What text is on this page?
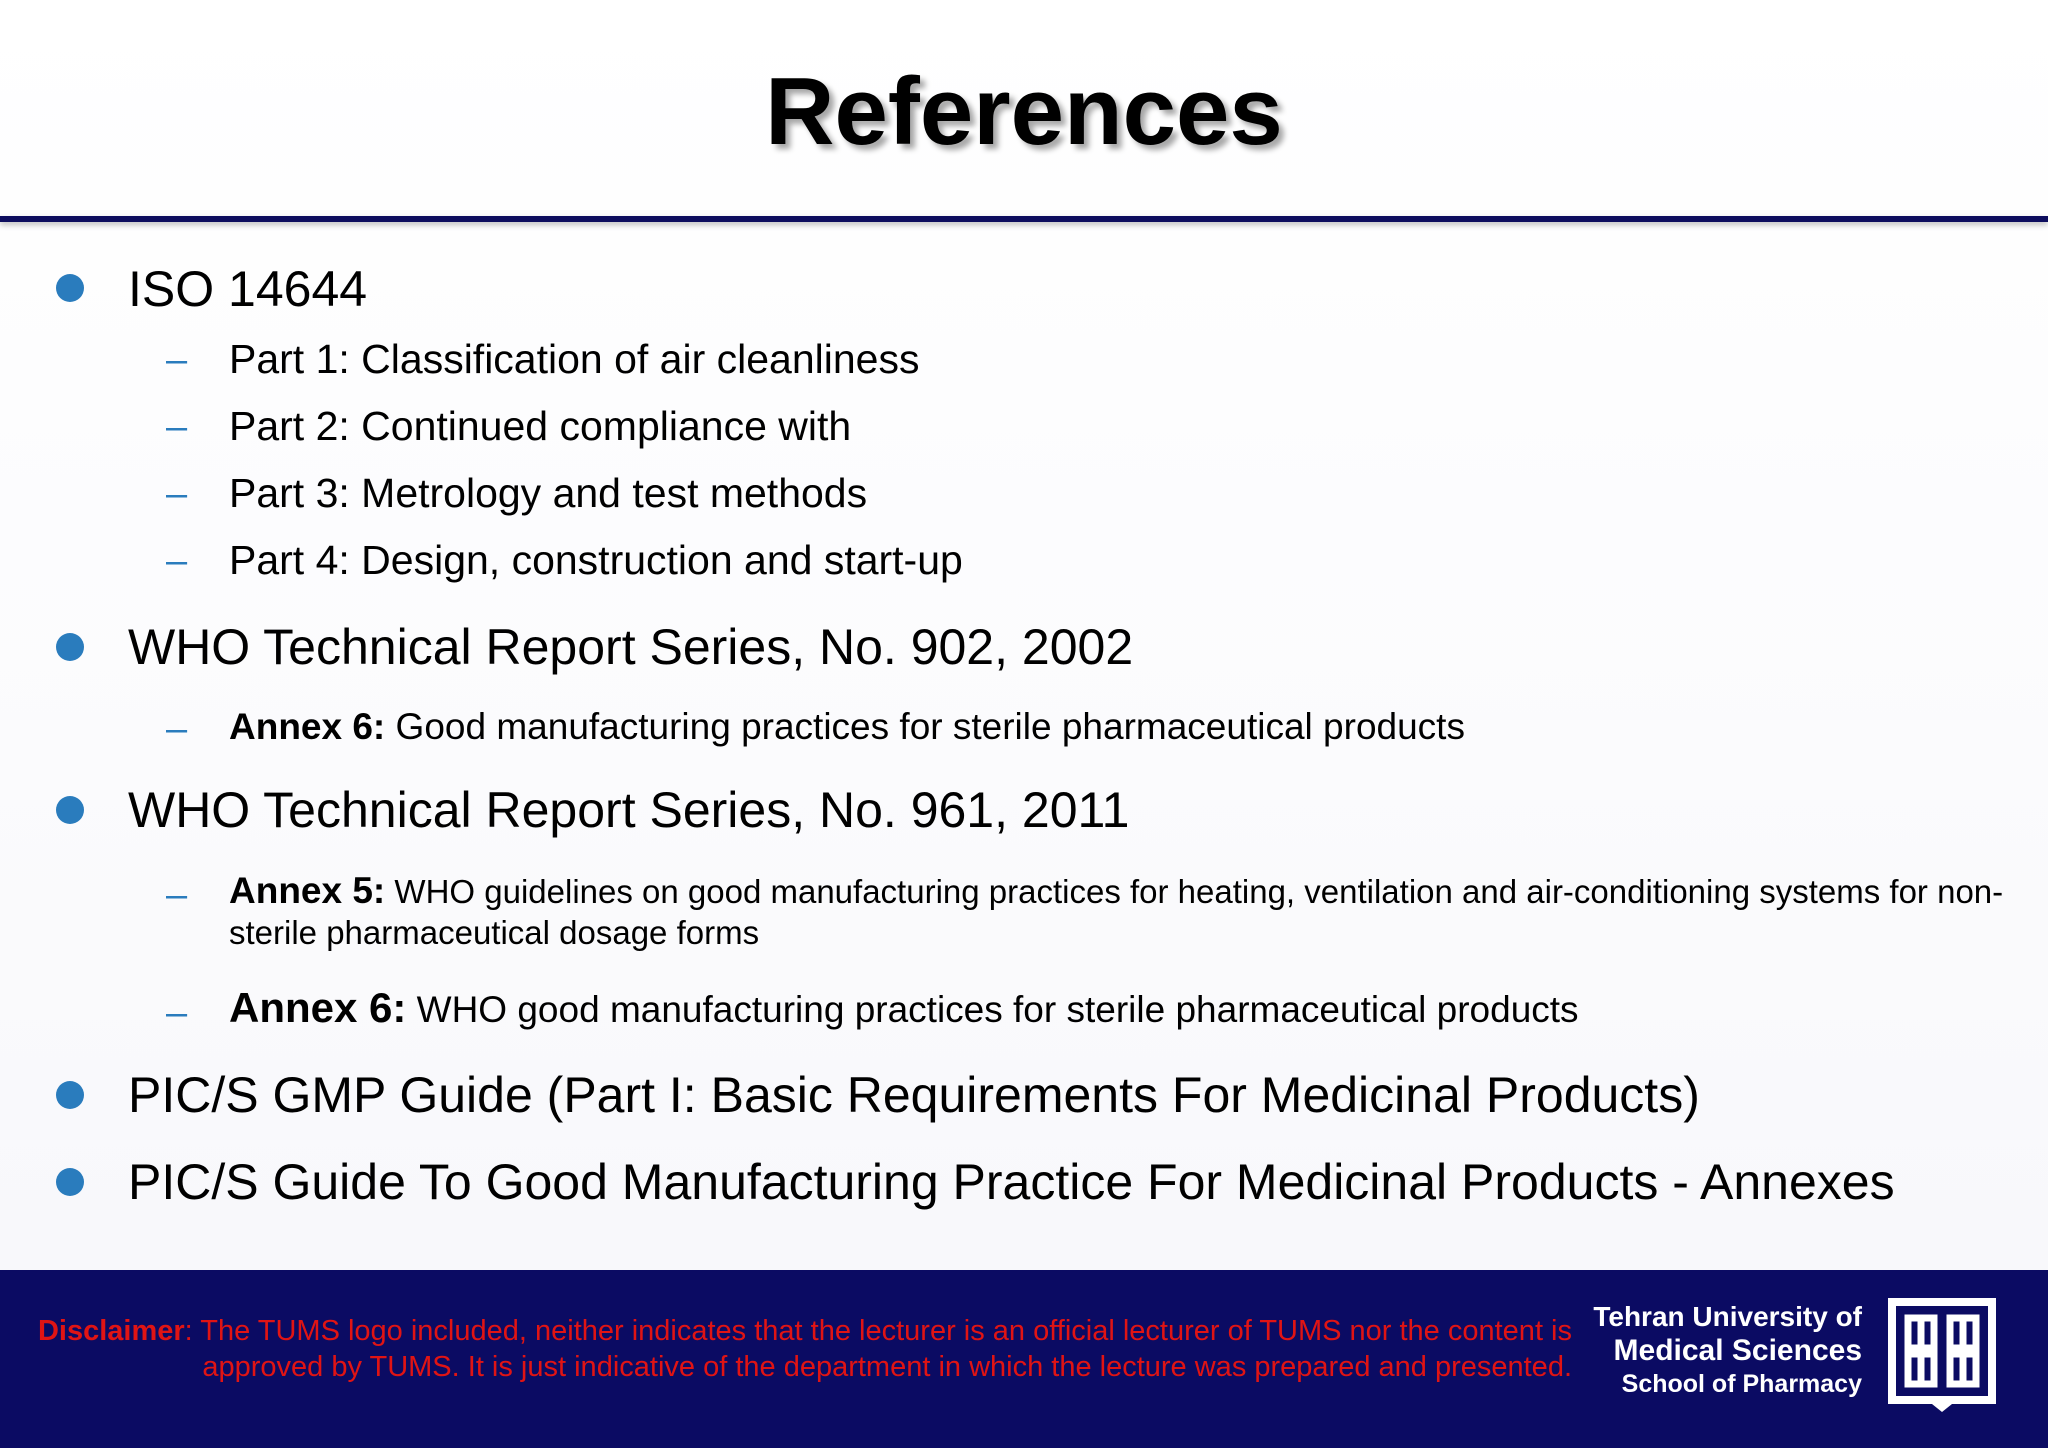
References
ISO 14644
– Part 1: Classification of air cleanliness
– Part 2: Continued compliance with
– Part 3: Metrology and test methods
– Part 4: Design, construction and start-up
WHO Technical Report Series, No. 902, 2002
– Annex 6: Good manufacturing practices for sterile pharmaceutical products
WHO Technical Report Series, No. 961, 2011
– Annex 5: WHO guidelines on good manufacturing practices for heating, ventilation and air-conditioning systems for non-sterile pharmaceutical dosage forms
– Annex 6: WHO good manufacturing practices for sterile pharmaceutical products
PIC/S GMP Guide (Part I: Basic Requirements For Medicinal Products)
PIC/S Guide To Good Manufacturing Practice For Medicinal Products - Annexes
Disclaimer: The TUMS logo included, neither indicates that the lecturer is an official lecturer of TUMS nor the content is approved by TUMS. It is just indicative of the department in which the lecture was prepared and presented.
Tehran University of
Medical Sciences
School of Pharmacy
